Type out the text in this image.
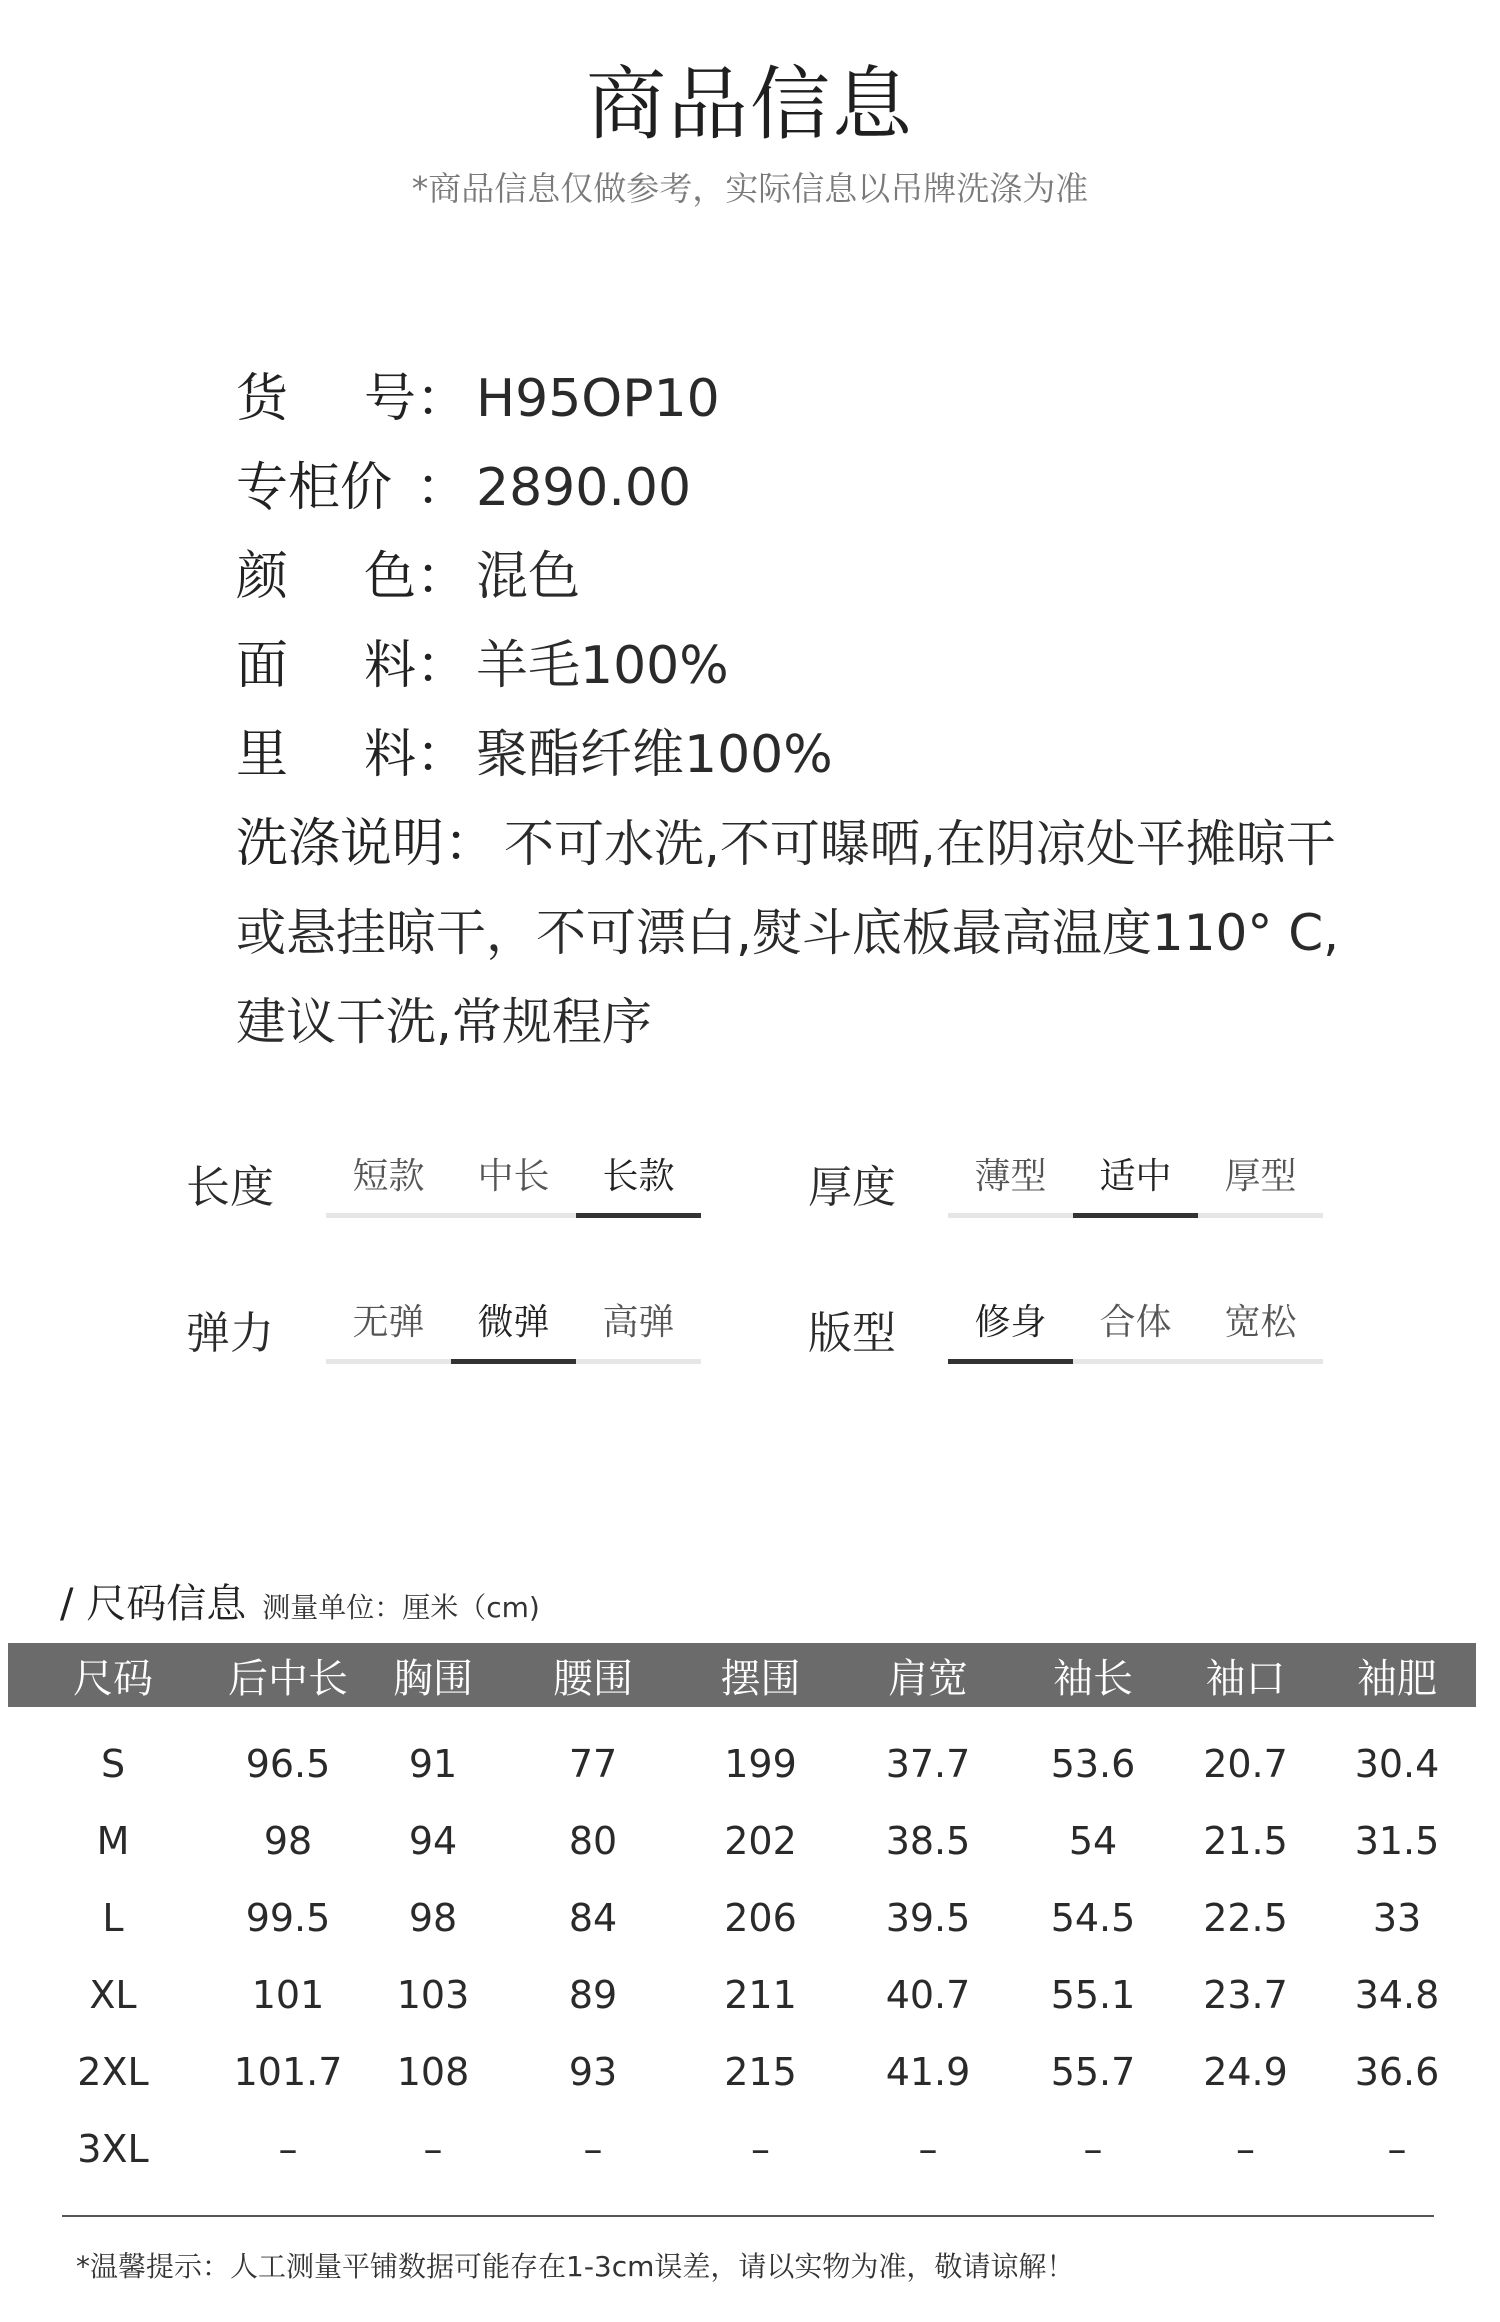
商品信息
*商品信息仅做参考，实际信息以吊牌洗涤为准
货 号 ： H95OP10
专柜价 ： 2890.00
颜 色 ： 混色
面 料 ： 羊毛100%
里 料 ： 聚酯纤维100%
洗涤说明 ： 不可水洗,不可曝晒,在阴凉处平摊晾干
或悬挂晾干，不可漂白,熨斗底板最高温度110° C,
建议干洗,常规程序
长度	短款	中长	长款	厚度	薄型	适中	厚型
弹力	无弹	微弹	高弹	版型	修身	合体	宽松
/ 尺码信息 测量单位：厘米（cm)
尺码	后中长	胸围	腰围	摆围	肩宽	袖长	袖口	袖肥
S	96.5	91	77	199	37.7	53.6	20.7	30.4
M	98	94	80	202	38.5	54	21.5	31.5
L	99.5	98	84	206	39.5	54.5	22.5	33
XL	101	103	89	211	40.7	55.1	23.7	34.8
2XL	101.7	108	93	215	41.9	55.7	24.9	36.6
3XL	–	–	–	–	–	–	–	–
*温馨提示：人工测量平铺数据可能存在1-3cm误差，请以实物为准，敬请谅解！
